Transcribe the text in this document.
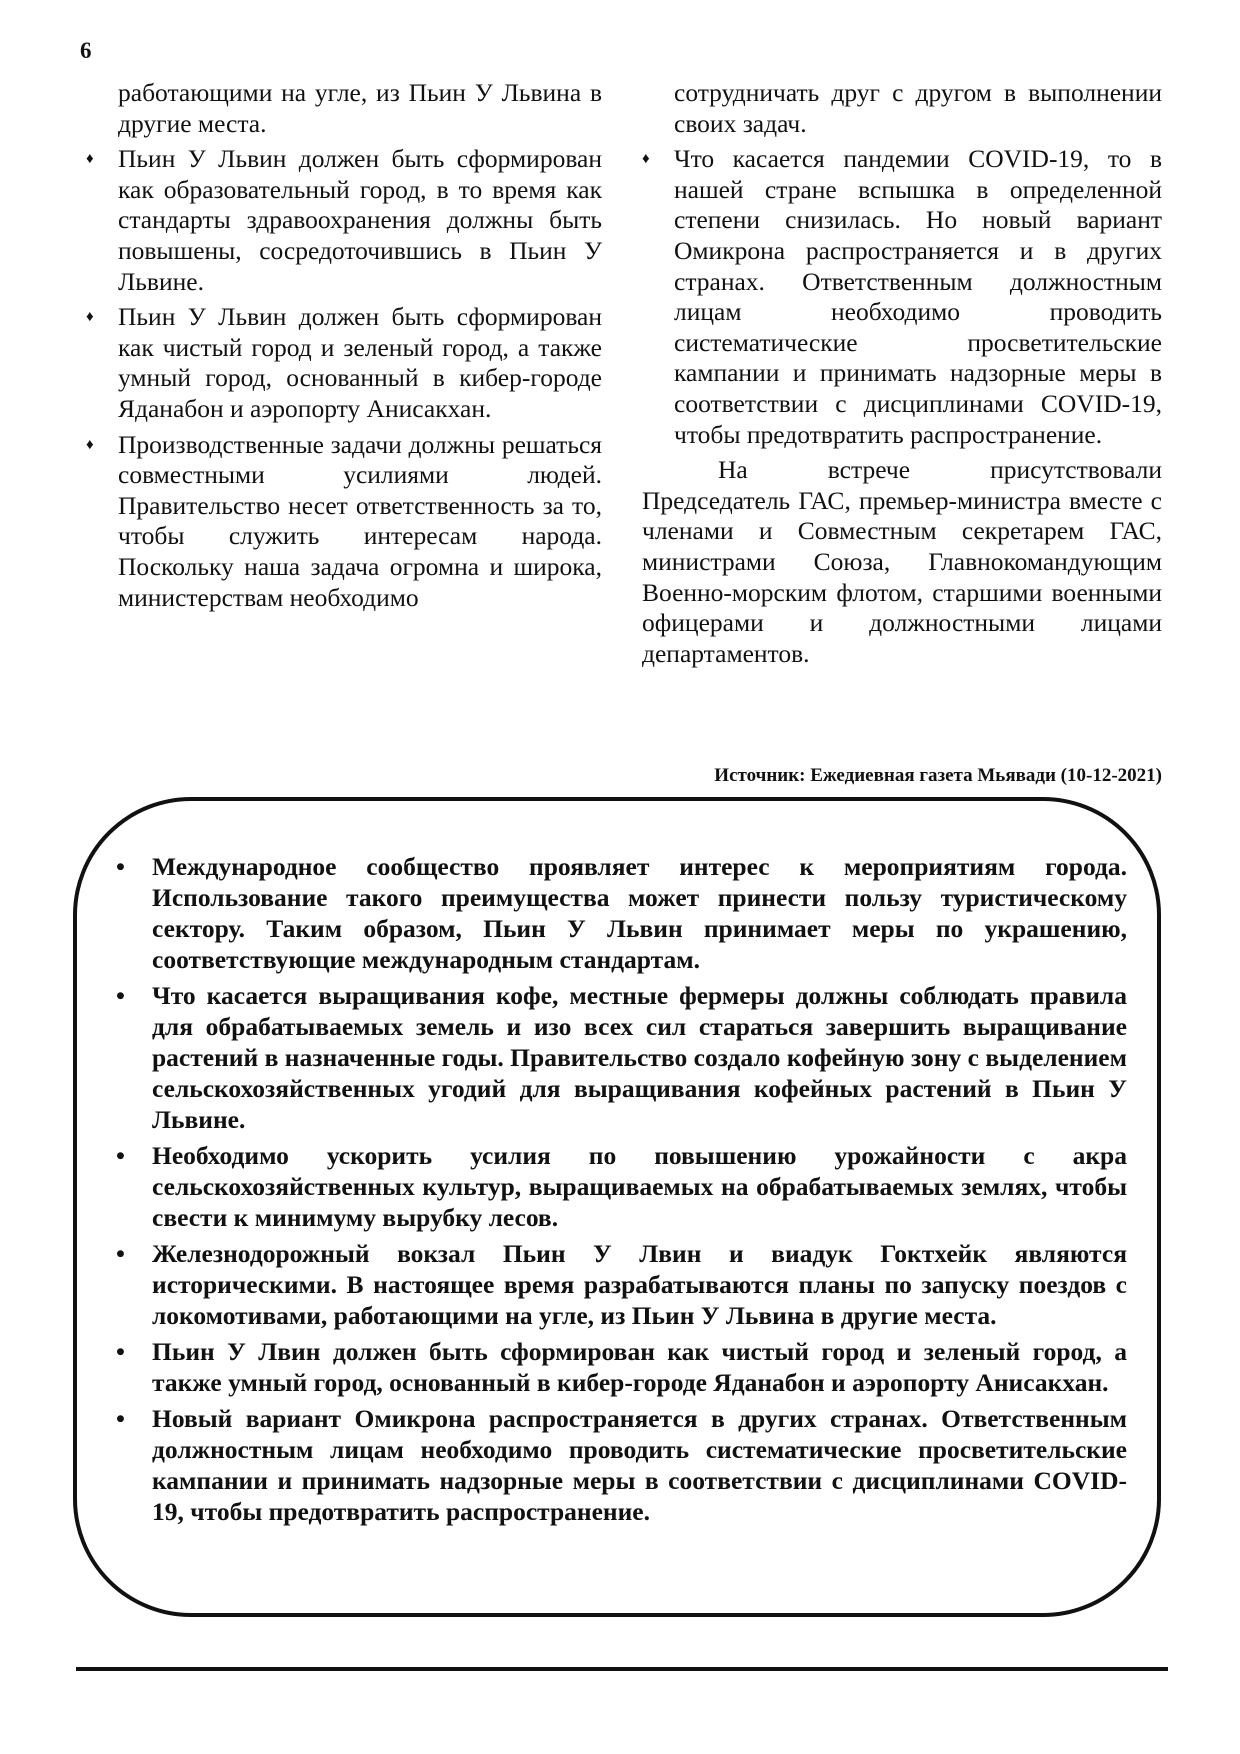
6

работающими на угле, из Пьин У Львина в другие места.

♦ Пьин У Львин должен быть сформирован как образовательный город, в то время как стандарты здравоохранения должны быть повышены, сосредоточившись в Пьин У Львине.
♦ Пьин У Львин должен быть сформирован как чистый город и зеленый город, а также умный город, основанный в кибер-городе Яданабон и аэропорту Анисакхан.
♦ Производственные задачи должны решаться совместными усилиями людей. Правительство несет ответственность за то, чтобы служить интересам народа. Поскольку наша задача огромна и широка, министерствам необходимо

сотрудничать друг с другом в выполнении своих задач.

♦ Что касается пандемии COVID-19, то в нашей стране вспышка в определенной степени снизилась. Но новый вариант Омикрона распространяется и в других странах. Ответственным должностным лицам необходимо проводить систематические просветительские кампании и принимать надзорные меры в соответствии с дисциплинами COVID-19, чтобы предотвратить распространение.

На встрече присутствовали Председатель ГАС, премьер-министра вместе с членами и Совместным секретарем ГАС, министрами Союза, Главнокомандующим Военно-морским флотом, старшими военными офицерами и должностными лицами департаментов.

Источник: Ежедиевная газета Мьявади (10-12-2021)
• Международное сообщество проявляет интерес к мероприятиям города. Использование такого преимущества может принести пользу туристическому сектору. Таким образом, Пьин У Львин принимает меры по украшению, соответствующие международным стандартам.
• Что касается выращивания кофе, местные фермеры должны соблюдать правила для обрабатываемых земель и изо всех сил стараться завершить выращивание растений в назначенные годы. Правительство создало кофейную зону с выделением сельскохозяйственных угодий для выращивания кофейных растений в Пьин У Львине.
• Необходимо ускорить усилия по повышению урожайности с акра сельскохозяйственных культур, выращиваемых на обрабатываемых землях, чтобы свести к минимуму вырубку лесов.
• Железнодорожный вокзал Пьин У Лвин и виадук Гоктхейк являются историческими. В настоящее время разрабатываются планы по запуску поездов с локомотивами, работающими на угле, из Пьин У Львина в другие места.
• Пьин У Лвин должен быть сформирован как чистый город и зеленый город, а также умный город, основанный в кибер-городе Яданабон и аэропорту Анисакхан.
• Новый вариант Омикрона распространяется в других странах. Ответственным должностным лицам необходимо проводить систематические просветительские кампании и принимать надзорные меры в соответствии с дисциплинами COVID-19, чтобы предотвратить распространение.
